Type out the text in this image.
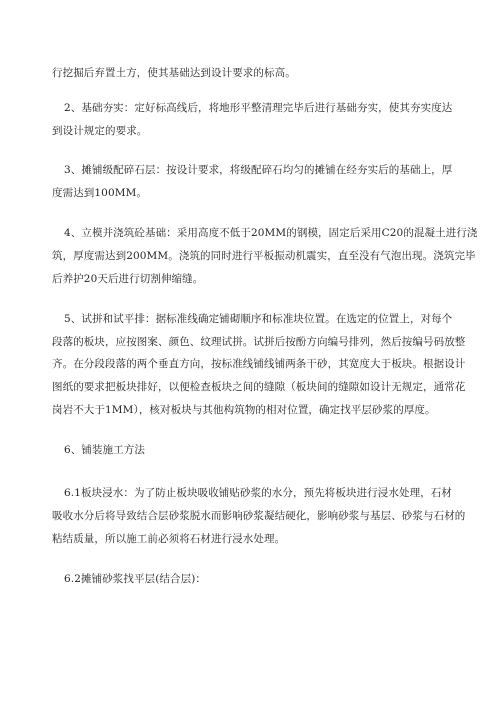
行挖掘后弃置土方，使其基础达到设计要求的标高。
2、基础夯实：定好标高线后，将地形平整清理完毕后进行基础夯实，使其夯实度达
到设计规定的要求。
3、摊铺级配碎石层：按设计要求，将级配碎石均匀的摊铺在经夯实后的基础上，厚
度需达到100MM。
4、立模并浇筑砼基础：采用高度不低于20MM的钢模，固定后采用C20的混凝土进行浇
筑，厚度需达到200MM。浇筑的同时进行平板振动机震实，直至没有气泡出现。浇筑完毕
后养护20天后进行切割伸缩缝。
5、试拼和试平排：据标准线确定铺砌顺序和标准块位置。在选定的位置上，对每个
段落的板块，应按图案、颜色、纹理试拼。试拼后按酚方向编号排列，然后按编号码放整
齐。在分段段落的两个垂直方向，按标准线铺线铺两条干砂，其宽度大于板块。根据设计
图纸的要求把板块排好，以便检查板块之间的缝隙（板块间的缝隙如设计无规定，通常花
岗岩不大于1MM），核对板块与其他构筑物的相对位置，确定找平层砂浆的厚度。
6、铺装施工方法
6.1板块浸水：为了防止板块吸收铺贴砂浆的水分，预先将板块进行浸水处理，石材
吸收水分后将导致结合层砂浆脱水而影响砂浆凝结硬化，影响砂浆与基层、砂浆与石材的
粘结质量，所以施工前必须将石材进行浸水处理。
6.2摊铺砂浆找平层(结合层)：
